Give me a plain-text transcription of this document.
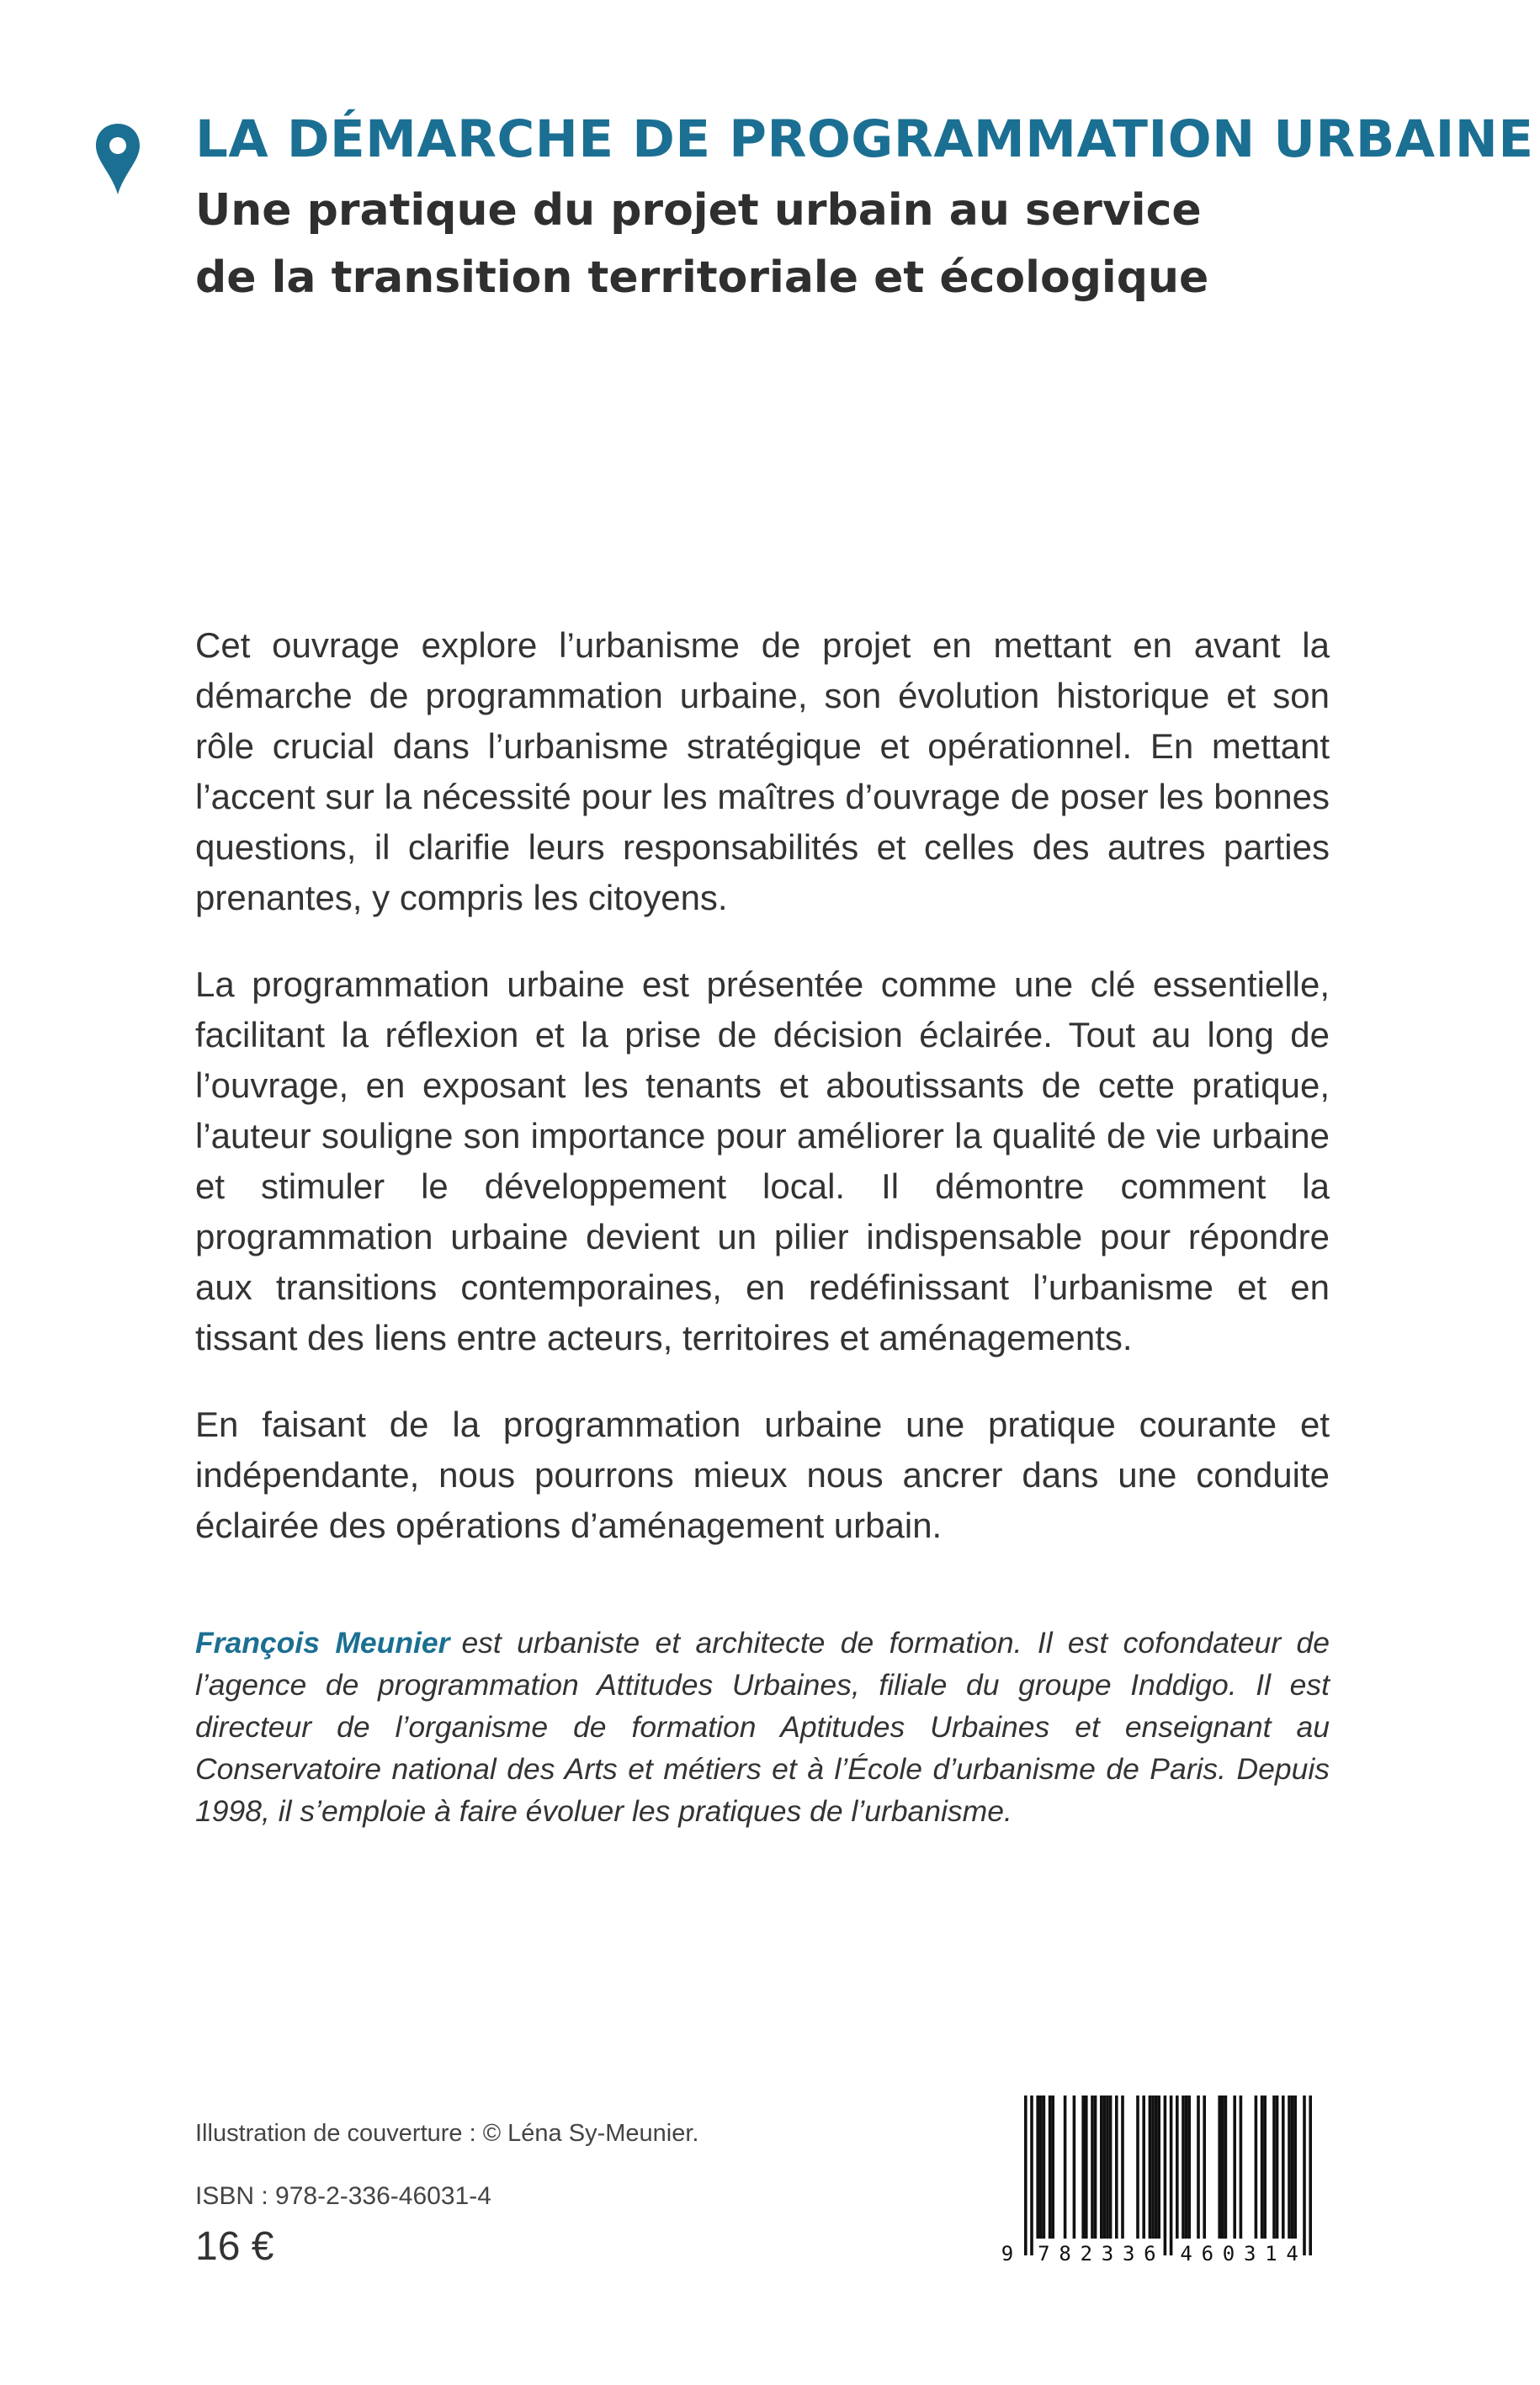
LA DÉMARCHE DE PROGRAMMATION URBAINE
Une pratique du projet urbain au service
de la transition territoriale et écologique

Cet ouvrage explore l’urbanisme de projet en mettant en avant la démarche de programmation urbaine, son évolution historique et son rôle crucial dans l’urbanisme stratégique et opérationnel. En mettant l’accent sur la nécessité pour les maîtres d’ouvrage de poser les bonnes questions, il clarifie leurs responsabilités et celles des autres parties prenantes, y compris les citoyens.

La programmation urbaine est présentée comme une clé essentielle, facilitant la réflexion et la prise de décision éclairée. Tout au long de l’ouvrage, en exposant les tenants et aboutissants de cette pratique, l’auteur souligne son importance pour améliorer la qualité de vie urbaine et stimuler le développement local. Il démontre comment la programmation urbaine devient un pilier indispensable pour répondre aux transitions contemporaines, en redéfinissant l’urbanisme et en tissant des liens entre acteurs, territoires et aménagements.

En faisant de la programmation urbaine une pratique courante et indépendante, nous pourrons mieux nous ancrer dans une conduite éclairée des opérations d’aménagement urbain.

François Meunier est urbaniste et architecte de formation. Il est cofondateur de l’agence de programmation Attitudes Urbaines, filiale du groupe Inddigo. Il est directeur de l’organisme de formation Aptitudes Urbaines et enseignant au Conservatoire national des Arts et métiers et à l’École d’urbanisme de Paris. Depuis 1998, il s’emploie à faire évoluer les pratiques de l’urbanisme.

Illustration de couverture : © Léna Sy-Meunier.

ISBN : 978-2-336-46031-4

16 €	9 7 8 2 3 3 6 4 6 0 3 1 4
